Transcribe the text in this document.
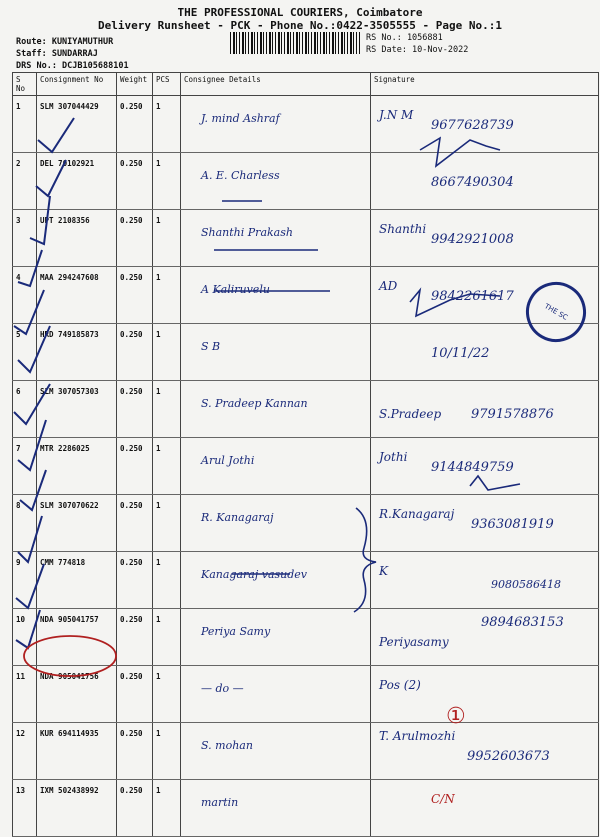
THE PROFESSIONAL COURIERS, Coimbatore
Delivery Runsheet - PCK - Phone No.:0422-3505555 - Page No.:1
Route: KUNIYAMUTHUR
Staff: SUNDARRAJ
DRS No.: DCJB105688101
RS No.: 1056881
RS Date: 10-Nov-2022
S No	Consignment No	Weight	PCS	Consignee Details	Signature
1	SLM 307044429	0.250	1	J. mind Ashraf	J.N M
9677628739

2	DEL 70102921	0.250	1	A. E. Charless	8667490304

3	UPT 2108356	0.250	1	Shanthi Prakash	Shanthi
9942921008

4	MAA 294247608	0.250	1	A Kaliruvelu	AD
9842261617

5	HRD 749185873	0.250	1	S B	10/11/22

6	SLM 307057303	0.250	1	S. Pradeep Kannan	S.Pradeep 9791578876

7	MTR 2286025	0.250	1	Arul Jothi	Jothi
9144849759

8	SLM 307070622	0.250	1	R. Kanagaraj	R.Kanagaraj
9363081919

9	CMM 774818	0.250	1	Kanagaraj vasudev	K
9080586418

10	NDA 905041757	0.250	1	Periya Samy	Periyasamy
9894683153

11	NDA 905041756	0.250	1	— do —	Pos (2)

12	KUR 694114935	0.250	1	S. mohan	T. Arulmozhi
9952603673

13	IXM 502438992	0.250	1	martin	C/N
①
THE SC
